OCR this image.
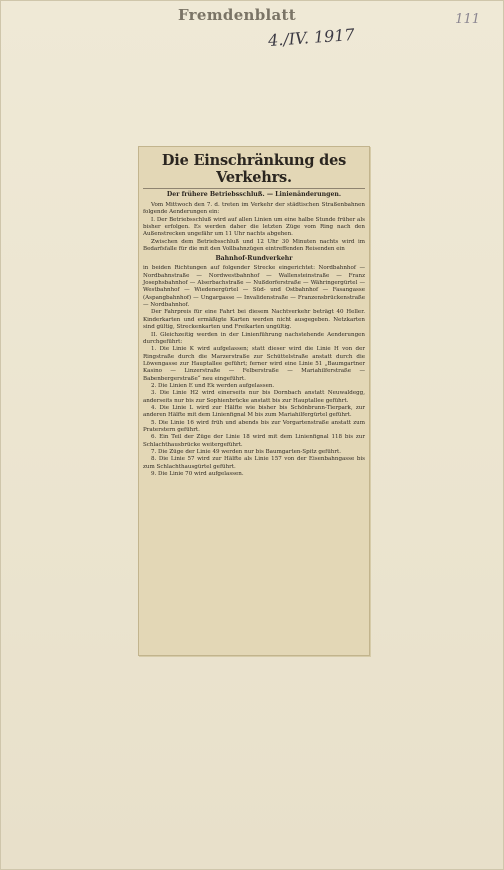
Fremdenblatt
4./IV. 1917
111
Die Einschränkung des Verkehrs.
Der frühere Betriebsschluß. — Linienänderungen.

Vom Mittwoch den 7. d. treten im Verkehr der städtischen Straßenbahnen folgende Aenderungen ein:

I. Der Betriebsschluß wird auf allen Linien um eine halbe Stunde früher als bisher erfolgen. Es werden daher die letzten Züge vom Ring nach den Außenstrecken ungefähr um 11 Uhr nachts abgehen.

Zwischen dem Betriebsschluß und 12 Uhr 30 Minuten nachts wird im Bedarfsfalle für die mit den Vollbahnzügen eintreffenden Reisenden ein

Bahnhof-Rundverkehr

in beiden Richtungen auf folgender Strecke eingerichtet: Nordbahnhof — Nordbahnstraße — Nordwestbahnhof — Wallensteinstraße — Franz Josephsbahnhof — Alserbachstraße — Nußdorferstraße — Währingergürtel — Westbahnhof — Wiedenergürtel — Süd- und Ostbahnhof — Fasangasse (Aspangbahnhof) — Ungargasse — Invalidenstraße — Franzensbrückenstraße — Nordbahnhof.

Der Fahrpreis für eine Fahrt bei diesem Nachtverkehr beträgt 40 Heller. Kinderkarten und ermäßigte Karten werden nicht ausgegeben. Netzkarten sind gültig, Streckenkarten und Freikarten ungültig.

II. Gleichzeitig werden in der Linienführung nachstehende Aenderungen durchgeführt:

1. Die Linie K wird aufgelassen; statt dieser wird die Linie H von der Ringstraße durch die Marzerstraße zur Schüttelstraße anstatt durch die Löwengasse zur Hauptallee geführt; ferner wird eine Linie 51 „Baumgartner Kasino — Linzerstraße — Felberstraße — Mariahilferstraße — Babenbergerstraße“ neu eingeführt.

2. Die Linien E und Ek werden aufgelassen.

3. Die Linie H2 wird einerseits nur bis Dornbach anstatt Neuwaldegg, anderseits nur bis zur Sophienbrücke anstatt bis zur Hauptallee geführt.

4. Die Linie L wird zur Hälfte wie bisher bis Schönbrunn-Tierpark, zur anderen Hälfte mit dem Linienfignal M bis zum Mariahilfergürtel geführt.

5. Die Linie 16 wird früh und abends bis zur Vorgartenstraße anstatt zum Praterstern geführt.

6. Ein Teil der Züge der Linie 18 wird mit dem Linienfignal 118 bis zur Schlachthausbrücke weitergeführt.

7. Die Züge der Linie 49 werden nur bis Baumgarten-Spitz geführt.

8. Die Linie 57 wird zur Hälfte als Linie 157 von der Eisenbahngasse bis zum Schlachthausgürtel geführt.

9. Die Linie 70 wird aufgelassen.
